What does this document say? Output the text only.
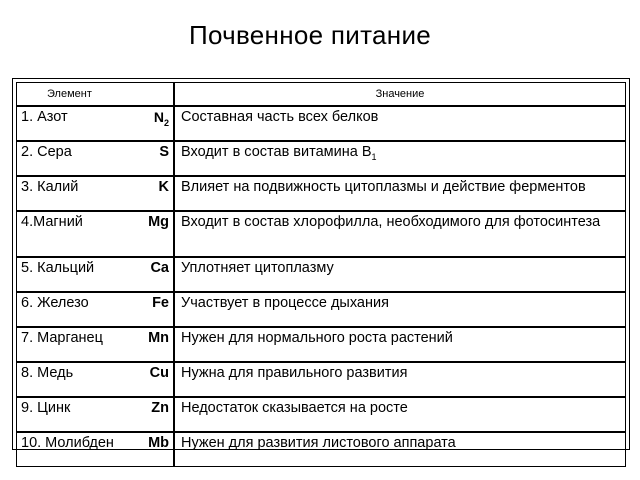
Почвенное питание
Элемент	Значение
1. Азот $N_2$	Составная часть всех белков
2. Сера S	Входит в состав витамина $B_1$
3. Калий K	Влияет на подвижность цитоплазмы и действие ферментов
4.Магний Mg	Входит в состав хлорофилла, необходимого для фотосинтеза
5. Кальций Ca	Уплотняет цитоплазму
6. Железо Fe	Участвует в процессе дыхания
7. Марганец Mn	Нужен для нормального роста растений
8. Медь Cu	Нужна для правильного развития
9. Цинк Zn	Недостаток сказывается на росте
10. Молибден Mb	Нужен для развития листового аппарата
